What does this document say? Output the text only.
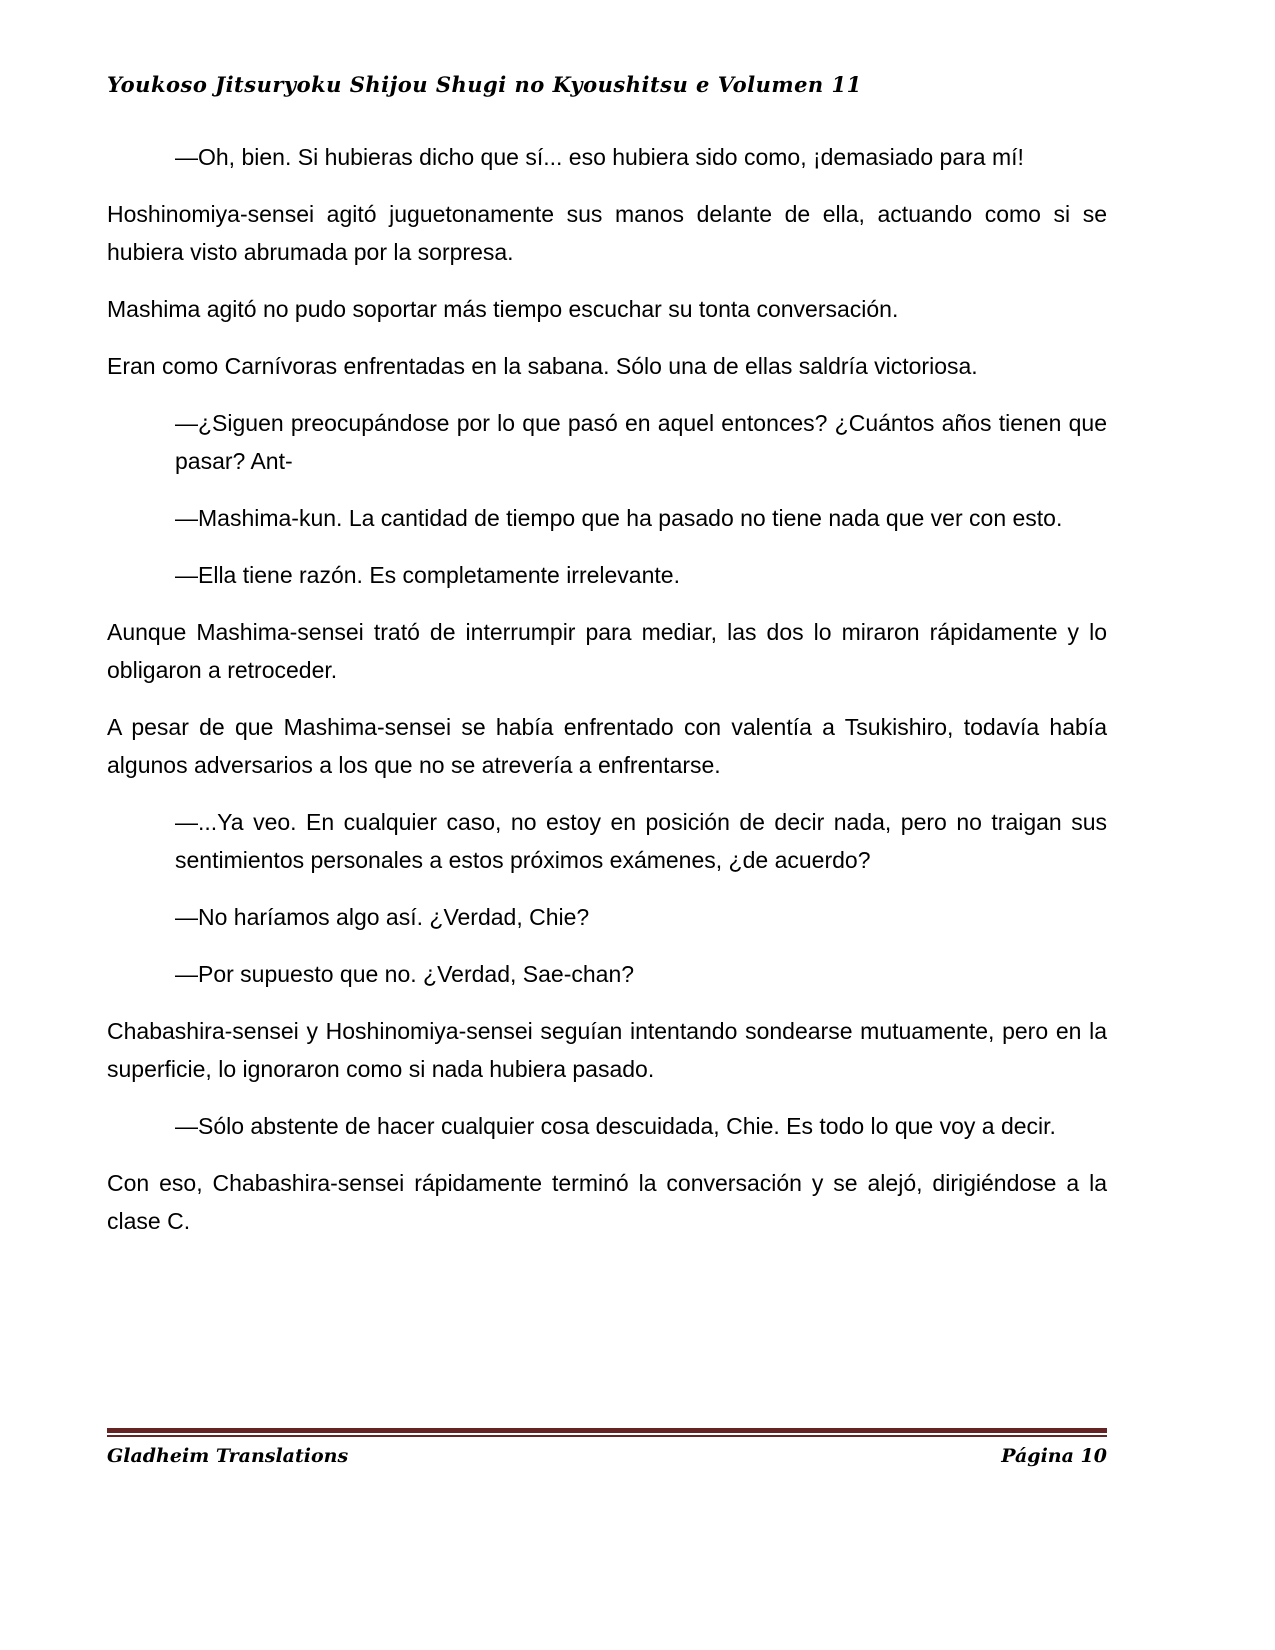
Youkoso Jitsuryoku Shijou Shugi no Kyoushitsu e Volumen 11

—Oh, bien. Si hubieras dicho que sí... eso hubiera sido como, ¡demasiado para mí!

Hoshinomiya-sensei agitó juguetonamente sus manos delante de ella, actuando como si se hubiera visto abrumada por la sorpresa.

Mashima agitó no pudo soportar más tiempo escuchar su tonta conversación.

Eran como Carnívoras enfrentadas en la sabana. Sólo una de ellas saldría victoriosa.

—¿Siguen preocupándose por lo que pasó en aquel entonces? ¿Cuántos años tienen que pasar? Ant-

—Mashima-kun. La cantidad de tiempo que ha pasado no tiene nada que ver con esto.

—Ella tiene razón. Es completamente irrelevante.

Aunque Mashima-sensei trató de interrumpir para mediar, las dos lo miraron rápidamente y lo obligaron a retroceder.

A pesar de que Mashima-sensei se había enfrentado con valentía a Tsukishiro, todavía había algunos adversarios a los que no se atrevería a enfrentarse.

—...Ya veo. En cualquier caso, no estoy en posición de decir nada, pero no traigan sus sentimientos personales a estos próximos exámenes, ¿de acuerdo?

—No haríamos algo así. ¿Verdad, Chie?

—Por supuesto que no. ¿Verdad, Sae-chan?

Chabashira-sensei y Hoshinomiya-sensei seguían intentando sondearse mutuamente, pero en la superficie, lo ignoraron como si nada hubiera pasado.

—Sólo abstente de hacer cualquier cosa descuidada, Chie. Es todo lo que voy a decir.

Con eso, Chabashira-sensei rápidamente terminó la conversación y se alejó, dirigiéndose a la clase C.

Gladheim Translations	Página 10
